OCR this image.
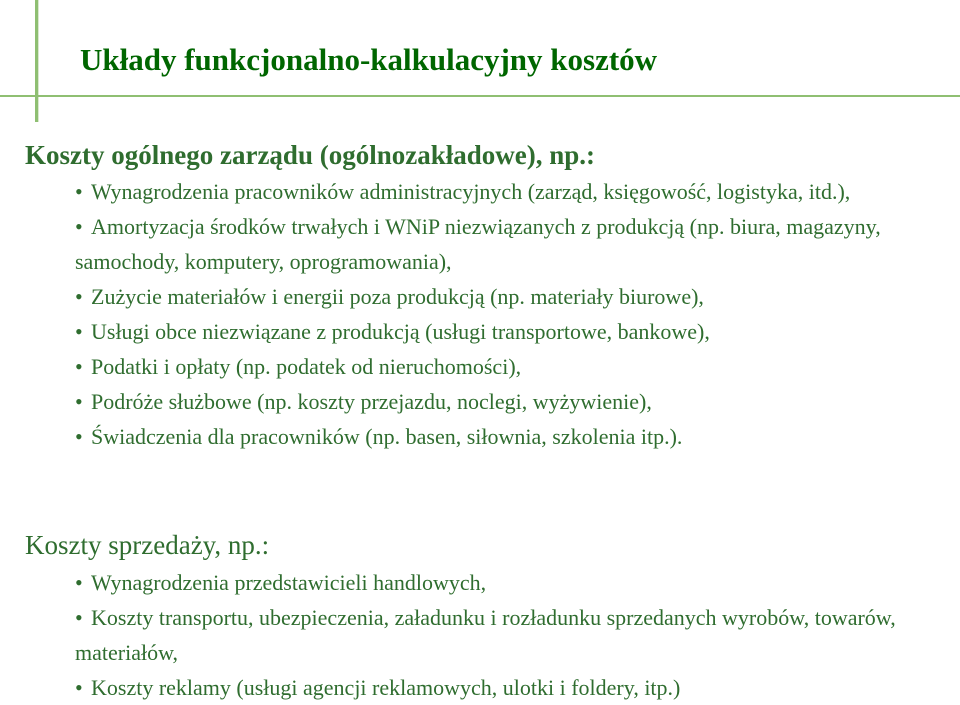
Układy funkcjonalno-kalkulacyjny kosztów
Koszty ogólnego zarządu (ogólnozakładowe), np.:
• Wynagrodzenia pracowników administracyjnych (zarząd, księgowość, logistyka, itd.),
• Amortyzacja środków trwałych i WNiP niezwiązanych z produkcją (np. biura, magazyny, samochody, komputery, oprogramowania),
• Zużycie materiałów i energii poza produkcją (np. materiały biurowe),
• Usługi obce niezwiązane z produkcją (usługi transportowe, bankowe),
• Podatki i opłaty (np. podatek od nieruchomości),
• Podróże służbowe (np. koszty przejazdu, noclegi, wyżywienie),
• Świadczenia dla pracowników (np. basen, siłownia, szkolenia itp.).
Koszty sprzedaży, np.:
• Wynagrodzenia przedstawicieli handlowych,
• Koszty transportu, ubezpieczenia, załadunku i rozładunku sprzedanych wyrobów, towarów, materiałów,
• Koszty reklamy (usługi agencji reklamowych, ulotki i foldery, itp.)
